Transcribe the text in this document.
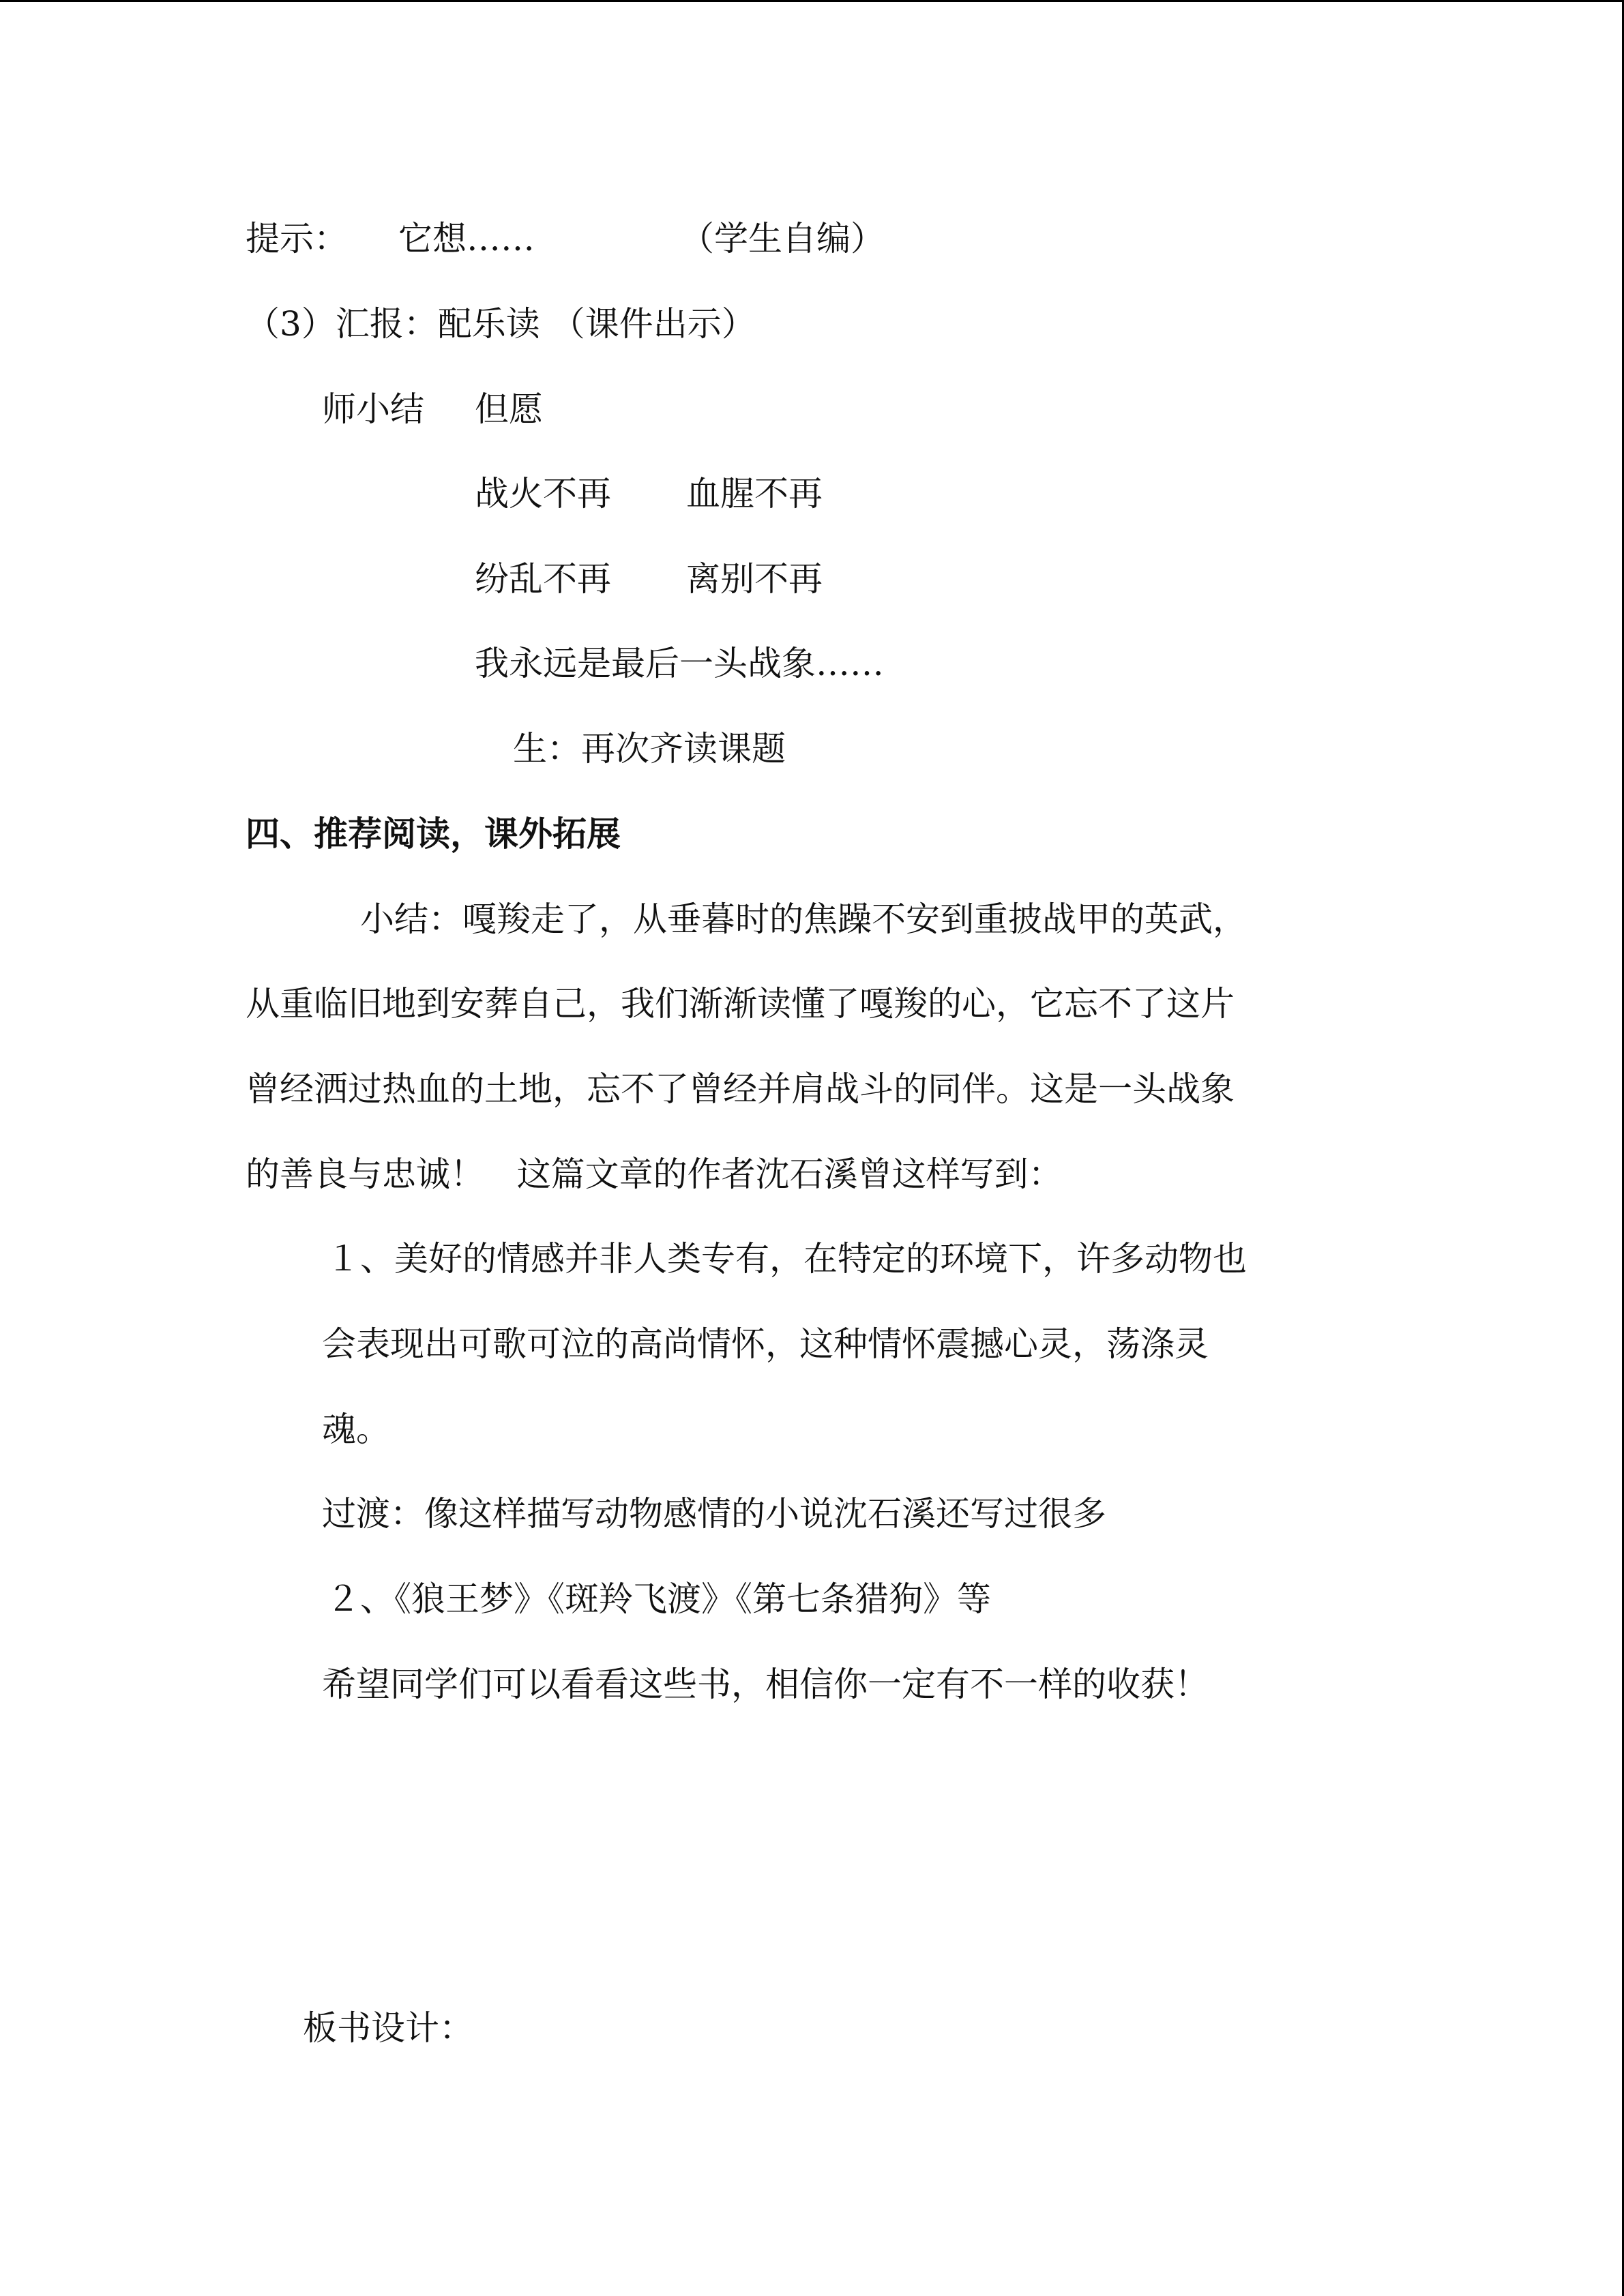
提示： 它想……	（学生自编）
（3）汇报：配乐读 （课件出示）
师小结 但愿
战火不再 血腥不再
纷乱不再 离别不再
我永远是最后一头战象……
生：再次齐读课题
四、推荐阅读，课外拓展
小结：嘎羧走了，从垂暮时的焦躁不安到重披战甲的英武，
从重临旧地到安葬自己，我们渐渐读懂了嘎羧的心，它忘不了这片
曾经洒过热血的土地，忘不了曾经并肩战斗的同伴。这是一头战象
的善良与忠诚！   这篇文章的作者沈石溪曾这样写到：
１、美好的情感并非人类专有，在特定的环境下，许多动物也
会表现出可歌可泣的高尚情怀，这种情怀震撼心灵，荡涤灵
魂。
过渡：像这样描写动物感情的小说沈石溪还写过很多
２、《狼王梦》《斑羚飞渡》《第七条猎狗》等
希望同学们可以看看这些书，相信你一定有不一样的收获！
板书设计：
